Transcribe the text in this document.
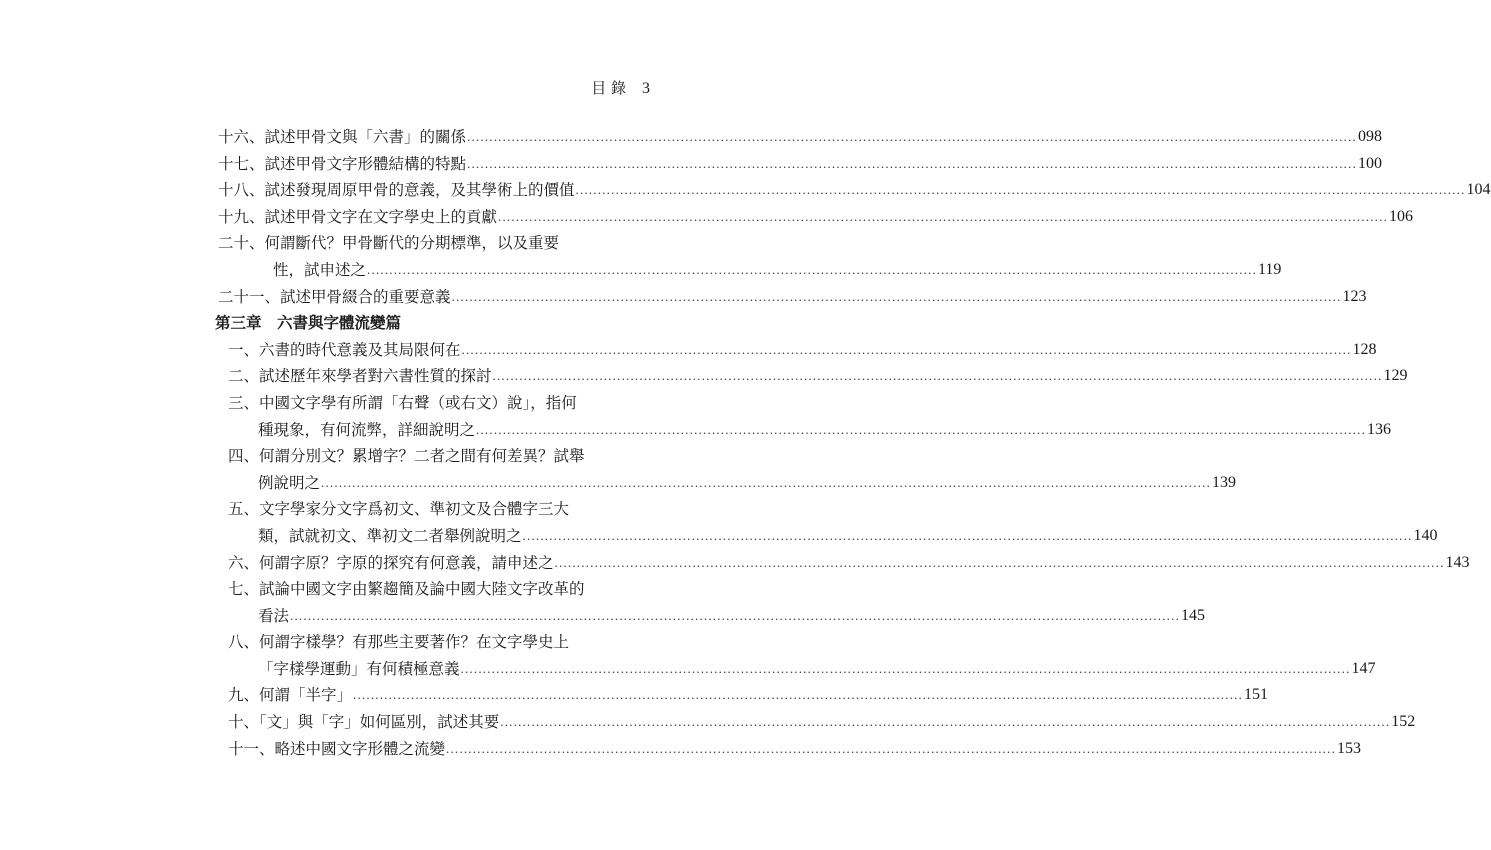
目 錄 3
十六、試述甲骨文與「六書」的關係 ........................................................................................................................................................................................................ 098
十七、試述甲骨文字形體結構的特點 ........................................................................................................................................................................................................ 100
十八、試述發現周原甲骨的意義，及其學術上的價值 ........................................................................................................................................................................................................ 104
十九、試述甲骨文字在文字學史上的貢獻 ........................................................................................................................................................................................................ 106
二十、何謂斷代？甲骨斷代的分期標準，以及重要
性，試申述之 ........................................................................................................................................................................................................ 119
二十一、試述甲骨綴合的重要意義 ........................................................................................................................................................................................................ 123
第三章　六書與字體流變篇
一、六書的時代意義及其局限何在 ........................................................................................................................................................................................................ 128
二、試述歷年來學者對六書性質的探討 ........................................................................................................................................................................................................ 129
三、中國文字學有所謂「右聲（或右文）說」，指何
種現象，有何流弊，詳細說明之 ........................................................................................................................................................................................................ 136
四、何謂分別文？累增字？二者之間有何差異？試舉
例說明之 ........................................................................................................................................................................................................ 139
五、文字學家分文字爲初文、準初文及合體字三大
類，試就初文、準初文二者舉例說明之 ........................................................................................................................................................................................................ 140
六、何謂字原？字原的探究有何意義，請申述之 ........................................................................................................................................................................................................ 143
七、試論中國文字由繁趨簡及論中國大陸文字改革的
看法 ........................................................................................................................................................................................................ 145
八、何謂字樣學？有那些主要著作？在文字學史上
「字樣學運動」有何積極意義 ........................................................................................................................................................................................................ 147
九、何謂「半字」 ........................................................................................................................................................................................................ 151
十、「文」與「字」如何區別，試述其要 ........................................................................................................................................................................................................ 152
十一、略述中國文字形體之流變 ........................................................................................................................................................................................................ 153
